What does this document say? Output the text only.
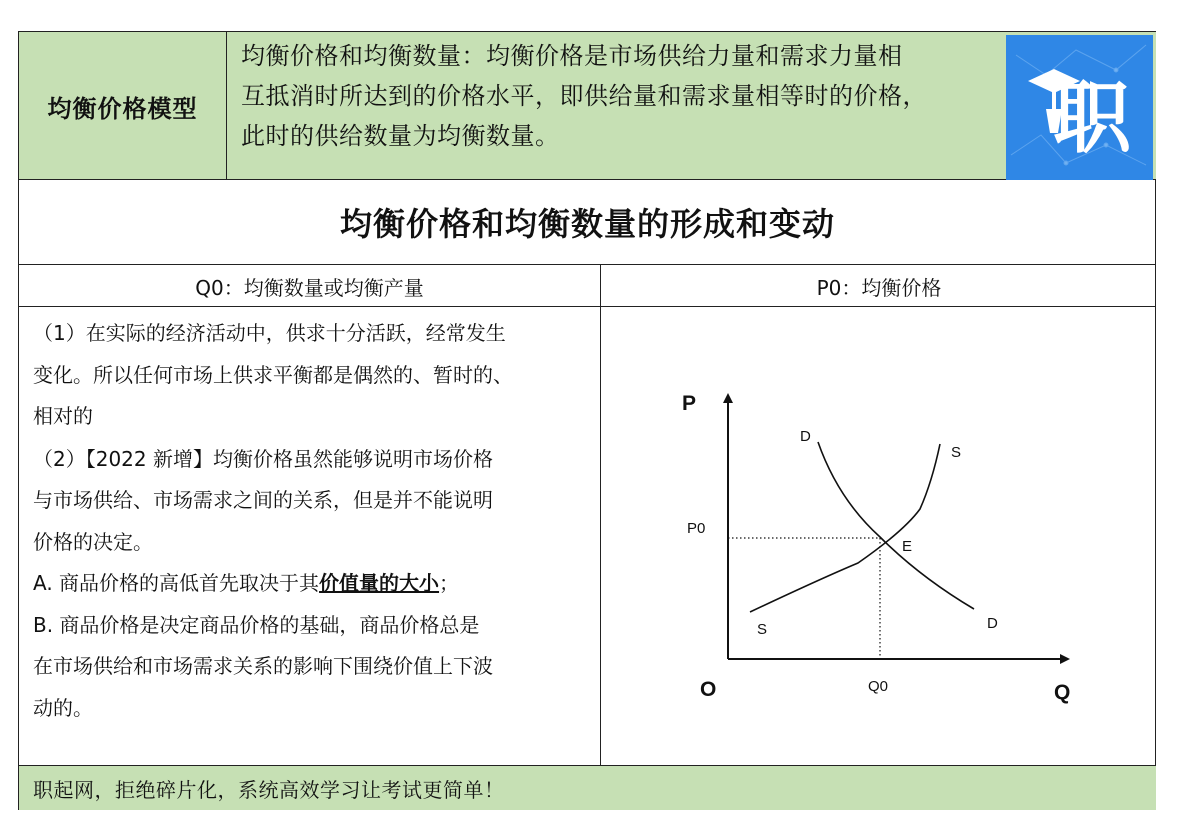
均衡价格模型
均衡价格和均衡数量：均衡价格是市场供给力量和需求力量相
互抵消时所达到的价格水平，即供给量和需求量相等时的价格，
此时的供给数量为均衡数量。	职
均衡价格和均衡数量的形成和变动
Q0：均衡数量或均衡产量	P0：均衡价格

（1）在实际的经济活动中，供求十分活跃，经常发生

变化。所以任何市场上供求平衡都是偶然的、暂时的、

相对的

（2）【2022 新增】均衡价格虽然能够说明市场价格

与市场供给、市场需求之间的关系，但是并不能说明

价格的决定。

A. 商品价格的高低首先取决于其价值量的大小；

B. 商品价格是决定商品价格的基础，商品价格总是

在市场供给和市场需求关系的影响下围绕价值上下波

动的。

P
Q
O
D
S
S	D
E
P0
Q0
职起网，拒绝碎片化，系统高效学习让考试更简单！
